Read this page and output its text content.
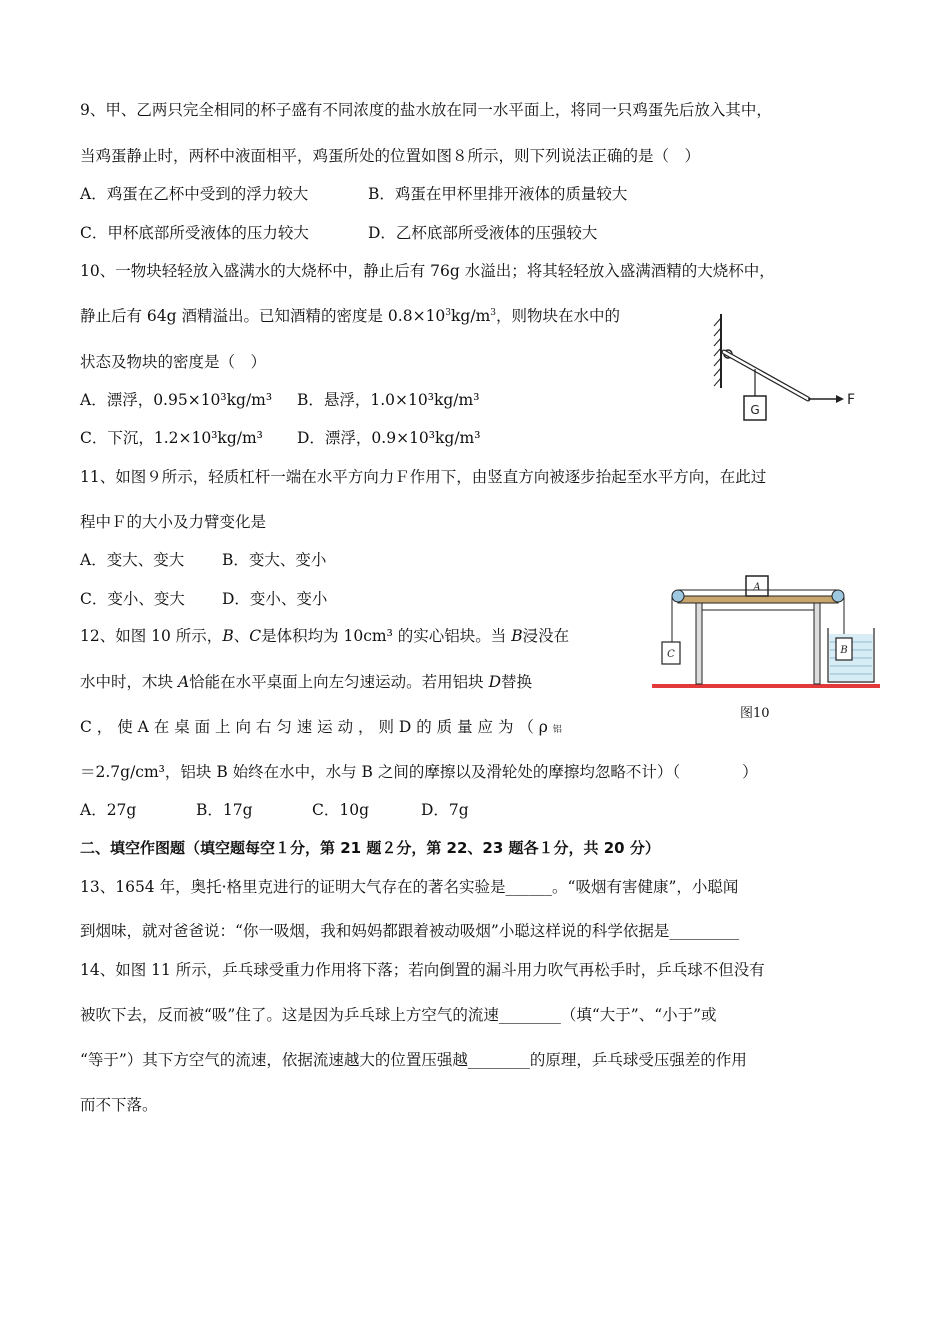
9、甲、乙两只完全相同的杯子盛有不同浓度的盐水放在同一水平面上，将同一只鸡蛋先后放入其中，
当鸡蛋静止时，两杯中液面相平，鸡蛋所处的位置如图８所示，则下列说法正确的是（　）
A．鸡蛋在乙杯中受到的浮力较大	B．鸡蛋在甲杯里排开液体的质量较大
C．甲杯底部所受液体的压力较大	D．乙杯底部所受液体的压强较大
10、一物块轻轻放入盛满水的大烧杯中，静止后有 76g 水溢出；将其轻轻放入盛满酒精的大烧杯中，
静止后有 64g 酒精溢出。已知酒精的密度是 $0.8\times 10^3kg/m^3$，则物块在水中的
状态及物块的密度是（　）
A．漂浮，0.95×10³kg/m³ B．悬浮，1.0×10³kg/m³
C．下沉，1.2×10³kg/m³ D．漂浮，0.9×10³kg/m³
G
F
11、如图９所示，轻质杠杆一端在水平方向力Ｆ作用下，由竖直方向被逐步抬起至水平方向，在此过
程中Ｆ的大小及力臂变化是
A．变大、变大 B．变大、变小
C．变小、变大 D．变小、变小
A
C	B
图10
12、如图 10 所示，B、C是体积均为 10cm³ 的实心铝块。当 B浸没在
水中时，木块 A恰能在水平桌面上向左匀速运动。若用铝块 D替换
C ， 使 A 在 桌 面 上 向 右 匀 速 运 动 ， 则 D 的 质 量 应 为 （ ρ 铝
＝2.7g/cm³，铝块 B 始终在水中，水与 B 之间的摩擦以及滑轮处的摩擦均忽略不计）（　　　　）
A．27g	B．17g	C．10g	D．7g
二、填空作图题（填空题每空１分，第 21 题２分，第 22、23 题各１分，共 20 分）
13、1654 年，奥托·格里克进行的证明大气存在的著名实验是______。“吸烟有害健康”，小聪闻
到烟味，就对爸爸说：“你一吸烟，我和妈妈都跟着被动吸烟”小聪这样说的科学依据是_________
14、如图 11 所示，乒乓球受重力作用将下落；若向倒置的漏斗用力吹气再松手时，乒乓球不但没有
被吹下去，反而被“吸”住了。这是因为乒乓球上方空气的流速________（填“大于”、“小于”或
“等于”）其下方空气的流速，依据流速越大的位置压强越________的原理，乒乓球受压强差的作用
而不下落。
